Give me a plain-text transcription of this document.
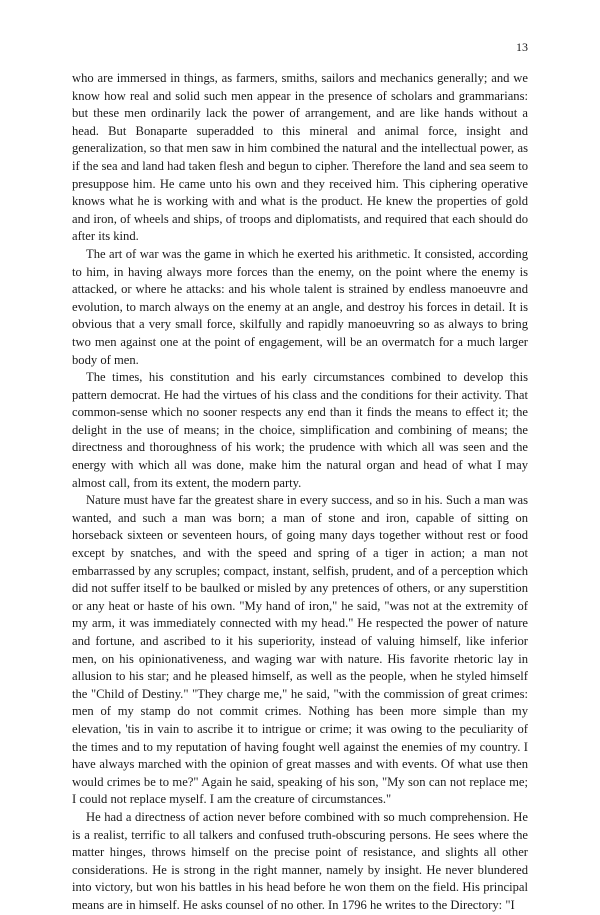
13

who are immersed in things, as farmers, smiths, sailors and mechanics generally; and we know how real and solid such men appear in the presence of scholars and grammarians: but these men ordinarily lack the power of arrangement, and are like hands without a head. But Bonaparte superadded to this mineral and animal force, insight and generalization, so that men saw in him combined the natural and the intellectual power, as if the sea and land had taken flesh and begun to cipher. Therefore the land and sea seem to presuppose him. He came unto his own and they received him. This ciphering operative knows what he is working with and what is the product. He knew the properties of gold and iron, of wheels and ships, of troops and diplomatists, and required that each should do after its kind.

The art of war was the game in which he exerted his arithmetic. It consisted, according to him, in having always more forces than the enemy, on the point where the enemy is attacked, or where he attacks: and his whole talent is strained by endless manoeuvre and evolution, to march always on the enemy at an angle, and destroy his forces in detail. It is obvious that a very small force, skilfully and rapidly manoeuvring so as always to bring two men against one at the point of engagement, will be an overmatch for a much larger body of men.

The times, his constitution and his early circumstances combined to develop this pattern democrat. He had the virtues of his class and the conditions for their activity. That common-sense which no sooner respects any end than it finds the means to effect it; the delight in the use of means; in the choice, simplification and combining of means; the directness and thoroughness of his work; the prudence with which all was seen and the energy with which all was done, make him the natural organ and head of what I may almost call, from its extent, the modern party.

Nature must have far the greatest share in every success, and so in his. Such a man was wanted, and such a man was born; a man of stone and iron, capable of sitting on horseback sixteen or seventeen hours, of going many days together without rest or food except by snatches, and with the speed and spring of a tiger in action; a man not embarrassed by any scruples; compact, instant, selfish, prudent, and of a perception which did not suffer itself to be baulked or misled by any pretences of others, or any superstition or any heat or haste of his own. "My hand of iron," he said, "was not at the extremity of my arm, it was immediately connected with my head." He respected the power of nature and fortune, and ascribed to it his superiority, instead of valuing himself, like inferior men, on his opinionativeness, and waging war with nature. His favorite rhetoric lay in allusion to his star; and he pleased himself, as well as the people, when he styled himself the "Child of Destiny." "They charge me," he said, "with the commission of great crimes: men of my stamp do not commit crimes. Nothing has been more simple than my elevation, 'tis in vain to ascribe it to intrigue or crime; it was owing to the peculiarity of the times and to my reputation of having fought well against the enemies of my country. I have always marched with the opinion of great masses and with events. Of what use then would crimes be to me?" Again he said, speaking of his son, "My son can not replace me; I could not replace myself. I am the creature of circumstances."

He had a directness of action never before combined with so much comprehension. He is a realist, terrific to all talkers and confused truth-obscuring persons. He sees where the matter hinges, throws himself on the precise point of resistance, and slights all other considerations. He is strong in the right manner, namely by insight. He never blundered into victory, but won his battles in his head before he won them on the field. His principal means are in himself. He asks counsel of no other. In 1796 he writes to the Directory: "I
